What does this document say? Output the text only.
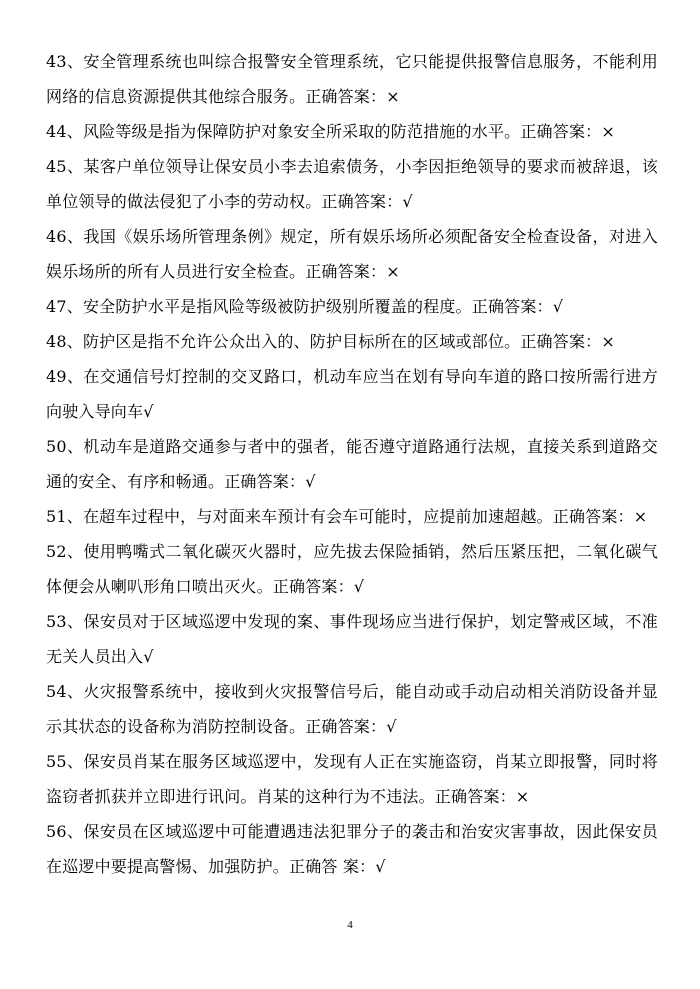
43、安全管理系统也叫综合报警安全管理系统，它只能提供报警信息服务，不能利用网络的信息资源提供其他综合服务。正确答案：×
44、风险等级是指为保障防护对象安全所采取的防范措施的水平。正确答案：×
45、某客户单位领导让保安员小李去追索债务，小李因拒绝领导的要求而被辞退，该单位领导的做法侵犯了小李的劳动权。正确答案：√
46、我国《娱乐场所管理条例》规定，所有娱乐场所必须配备安全检查设备，对进入娱乐场所的所有人员进行安全检查。正确答案：×
47、安全防护水平是指风险等级被防护级别所覆盖的程度。正确答案：√
48、防护区是指不允许公众出入的、防护目标所在的区域或部位。正确答案：×
49、在交通信号灯控制的交叉路口，机动车应当在划有导向车道的路口按所需行进方向驶入导向车√
50、机动车是道路交通参与者中的强者，能否遵守道路通行法规，直接关系到道路交通的安全、有序和畅通。正确答案：√
51、在超车过程中，与对面来车预计有会车可能时，应提前加速超越。正确答案：×
52、使用鸭嘴式二氧化碳灭火器时，应先拔去保险插销，然后压紧压把，二氧化碳气体便会从喇叭形角口喷出灭火。正确答案：√
53、保安员对于区域巡逻中发现的案、事件现场应当进行保护，划定警戒区域，不准无关人员出入√
54、火灾报警系统中，接收到火灾报警信号后，能自动或手动启动相关消防设备并显示其状态的设备称为消防控制设备。正确答案：√
55、保安员肖某在服务区域巡逻中，发现有人正在实施盗窃，肖某立即报警，同时将盗窃者抓获并立即进行讯问。肖某的这种行为不违法。正确答案：×
56、保安员在区域巡逻中可能遭遇违法犯罪分子的袭击和治安灾害事故，因此保安员在巡逻中要提高警惕、加强防护。正确答 案：√
4
